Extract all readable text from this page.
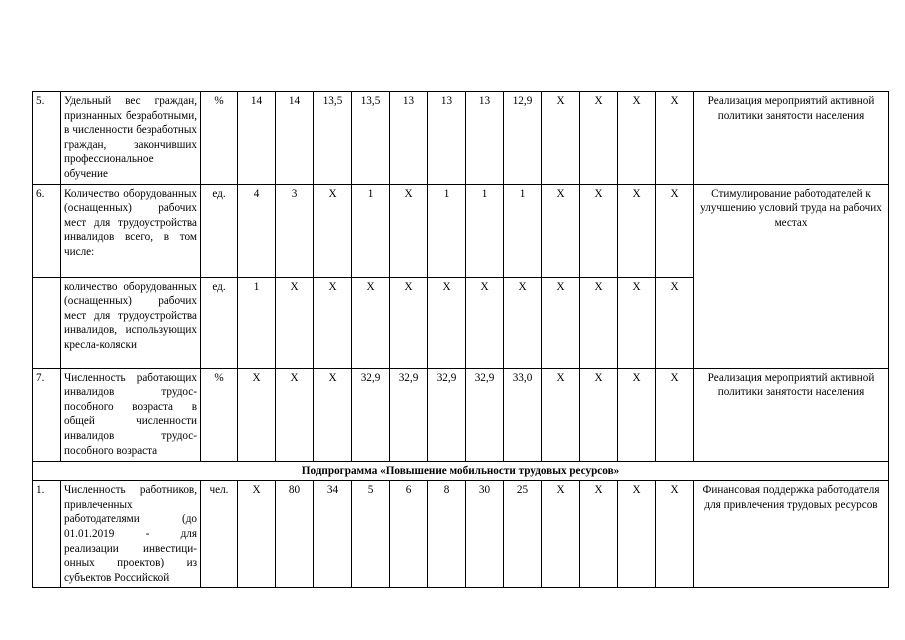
5.	Удельный вес граждан, признанных безработными, в численности безработных граждан, закончивших профессиональное обучение	%	14	14	13,5	13,5	13	13	13	12,9	Х	Х	Х	Х	Реализация мероприятий активной политики занятости населения
6.	Количество оборудованных (оснащенных) рабочих мест для трудоустройства инвалидов всего, в том числе:	ед.	4	3	Х	1	Х	1	1	1	Х	Х	Х	Х	Стимулирование работодателей к улучшению условий труда на рабочих местах
	количество оборудованных (оснащенных) рабочих мест для трудоустройства инвалидов, использующих кресла-коляски	ед.	1	Х	Х	Х	Х	Х	Х	Х	Х	Х	Х	Х	
7.	Численность работающих инвалидов трудоспособного возраста в общей численности инвалидов трудоспособного возраста	%	Х	Х	Х	32,9	32,9	32,9	32,9	33,0	Х	Х	Х	Х	Реализация мероприятий активной политики занятости населения
Подпрограмма «Повышение мобильности трудовых ресурсов»															
1.	Численность работников, привлеченных работодателями (до 01.01.2019 - для реализации инвестиционных проектов) из субъектов Российской	чел.	Х	80	34	5	6	8	30	25	Х	Х	Х	Х	Финансовая поддержка работодателя для привлечения трудовых ресурсов
